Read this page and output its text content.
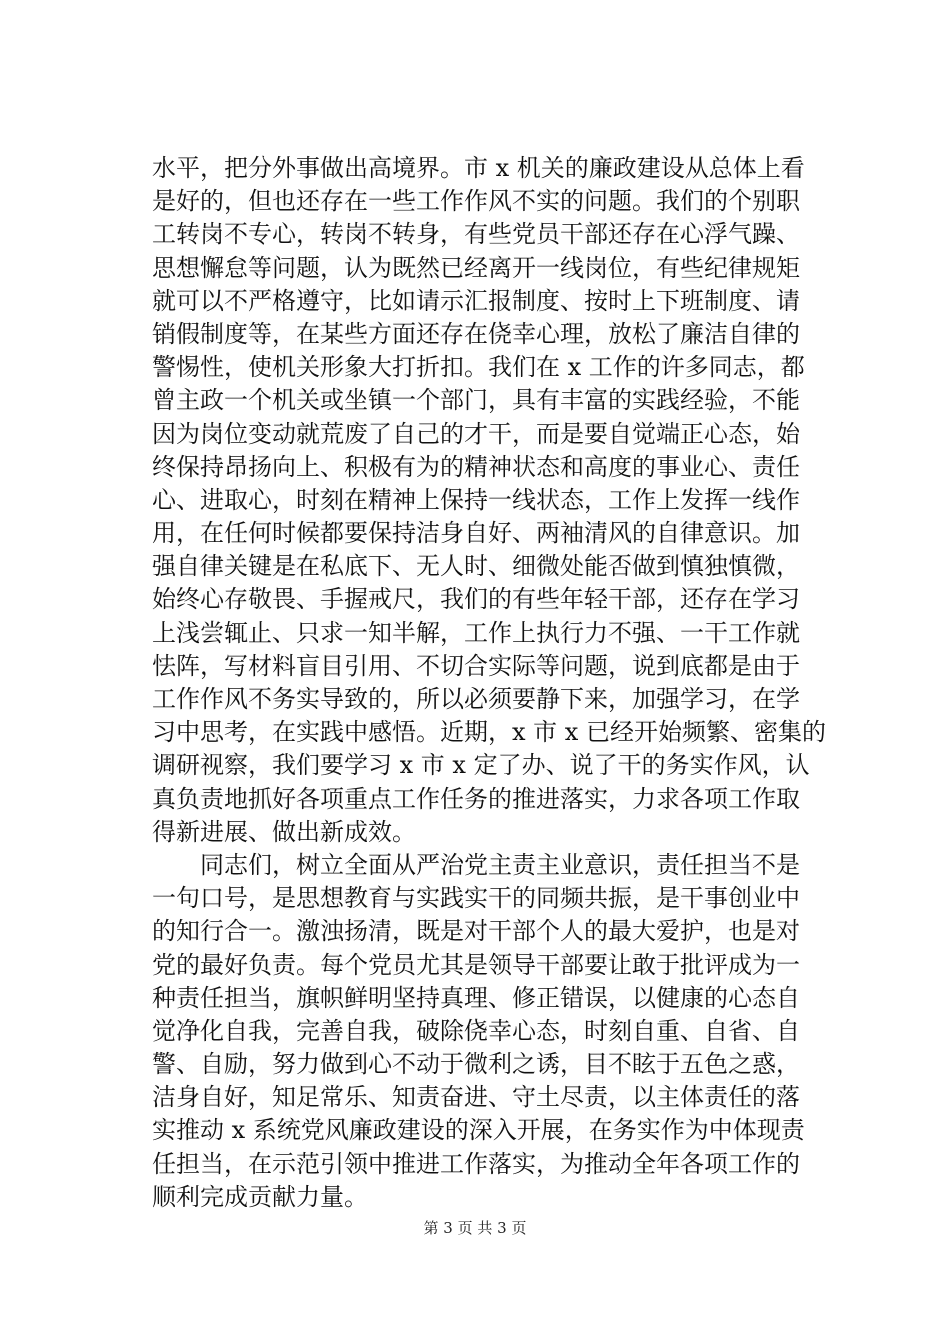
水平，把分外事做出高境界。市 x 机关的廉政建设从总体上看
是好的，但也还存在一些工作作风不实的问题。我们的个别职
工转岗不专心，转岗不转身，有些党员干部还存在心浮气躁、
思想懈怠等问题，认为既然已经离开一线岗位，有些纪律规矩
就可以不严格遵守，比如请示汇报制度、按时上下班制度、请
销假制度等，在某些方面还存在侥幸心理，放松了廉洁自律的
警惕性，使机关形象大打折扣。我们在 x 工作的许多同志，都
曾主政一个机关或坐镇一个部门，具有丰富的实践经验，不能
因为岗位变动就荒废了自己的才干，而是要自觉端正心态，始
终保持昂扬向上、积极有为的精神状态和高度的事业心、责任
心、进取心，时刻在精神上保持一线状态，工作上发挥一线作
用，在任何时候都要保持洁身自好、两袖清风的自律意识。加
强自律关键是在私底下、无人时、细微处能否做到慎独慎微，
始终心存敬畏、手握戒尺，我们的有些年轻干部，还存在学习
上浅尝辄止、只求一知半解，工作上执行力不强、一干工作就
怯阵，写材料盲目引用、不切合实际等问题，说到底都是由于
工作作风不务实导致的，所以必须要静下来，加强学习，在学
习中思考，在实践中感悟。近期，x 市 x 已经开始频繁、密集的
调研视察，我们要学习 x 市 x 定了办、说了干的务实作风，认
真负责地抓好各项重点工作任务的推进落实，力求各项工作取
得新进展、做出新成效。
　　同志们，树立全面从严治党主责主业意识，责任担当不是
一句口号，是思想教育与实践实干的同频共振，是干事创业中
的知行合一。激浊扬清，既是对干部个人的最大爱护，也是对
党的最好负责。每个党员尤其是领导干部要让敢于批评成为一
种责任担当，旗帜鲜明坚持真理、修正错误，以健康的心态自
觉净化自我，完善自我，破除侥幸心态，时刻自重、自省、自
警、自励，努力做到心不动于微利之诱，目不眩于五色之惑，
洁身自好，知足常乐、知责奋进、守土尽责，以主体责任的落
实推动 x 系统党风廉政建设的深入开展，在务实作为中体现责
任担当，在示范引领中推进工作落实，为推动全年各项工作的
顺利完成贡献力量。
第 3 页 共 3 页
